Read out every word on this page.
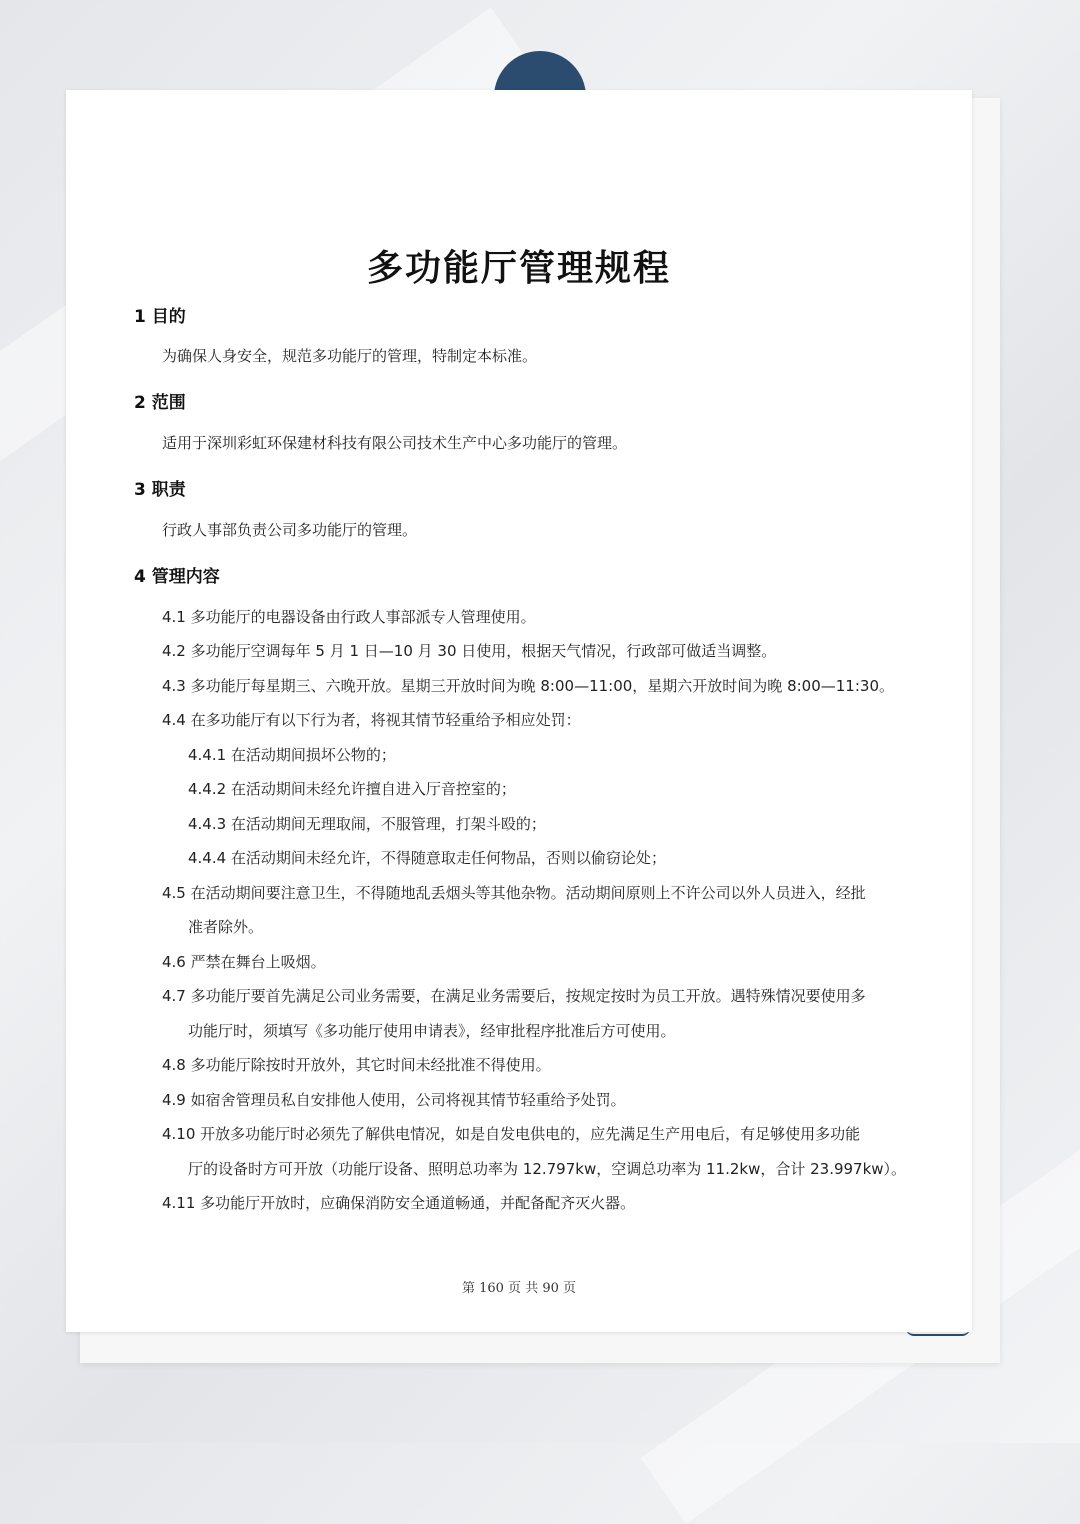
多功能厅管理规程
1 目的
为确保人身安全，规范多功能厅的管理，特制定本标准。
2 范围
适用于深圳彩虹环保建材科技有限公司技术生产中心多功能厅的管理。
3 职责
行政人事部负责公司多功能厅的管理。
4 管理内容
4.1 多功能厅的电器设备由行政人事部派专人管理使用。
4.2 多功能厅空调每年 5 月 1 日—10 月 30 日使用，根据天气情况，行政部可做适当调整。
4.3 多功能厅每星期三、六晚开放。星期三开放时间为晚 8:00—11:00，星期六开放时间为晚 8:00—11:30。
4.4 在多功能厅有以下行为者，将视其情节轻重给予相应处罚：
4.4.1 在活动期间损坏公物的；
4.4.2 在活动期间未经允许擅自进入厅音控室的；
4.4.3 在活动期间无理取闹，不服管理，打架斗殴的；
4.4.4 在活动期间未经允许，不得随意取走任何物品，否则以偷窃论处；
4.5 在活动期间要注意卫生，不得随地乱丢烟头等其他杂物。活动期间原则上不许公司以外人员进入，经批
准者除外。
4.6 严禁在舞台上吸烟。
4.7 多功能厅要首先满足公司业务需要，在满足业务需要后，按规定按时为员工开放。遇特殊情况要使用多
功能厅时，须填写《多功能厅使用申请表》，经审批程序批准后方可使用。
4.8 多功能厅除按时开放外，其它时间未经批准不得使用。
4.9 如宿舍管理员私自安排他人使用，公司将视其情节轻重给予处罚。
4.10 开放多功能厅时必须先了解供电情况，如是自发电供电的，应先满足生产用电后，有足够使用多功能
厅的设备时方可开放（功能厅设备、照明总功率为 12.797kw，空调总功率为 11.2kw，合计 23.997kw）。
4.11 多功能厅开放时，应确保消防安全通道畅通，并配备配齐灭火器。
第 160 页 共 90 页
